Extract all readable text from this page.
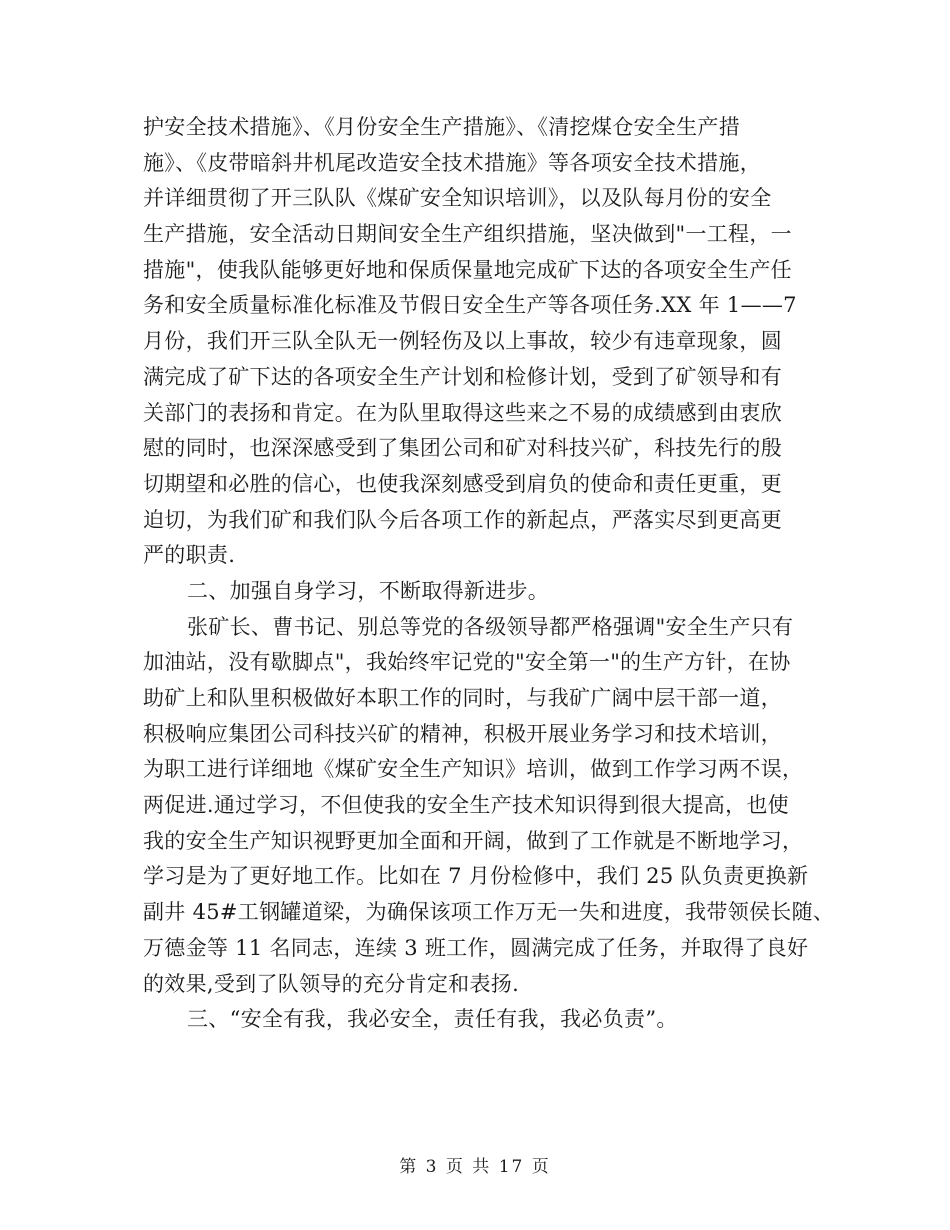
护安全技术措施》、《月份安全生产措施》、《清挖煤仓安全生产措
施》、《皮带暗斜井机尾改造安全技术措施》等各项安全技术措施，
并详细贯彻了开三队队《煤矿安全知识培训》，以及队每月份的安全
生产措施，安全活动日期间安全生产组织措施，坚决做到"一工程，一
措施"，使我队能够更好地和保质保量地完成矿下达的各项安全生产任
务和安全质量标准化标准及节假日安全生产等各项任务.XX 年 1——7
月份，我们开三队全队无一例轻伤及以上事故，较少有违章现象，圆
满完成了矿下达的各项安全生产计划和检修计划，受到了矿领导和有
关部门的表扬和肯定。在为队里取得这些来之不易的成绩感到由衷欣
慰的同时，也深深感受到了集团公司和矿对科技兴矿，科技先行的殷
切期望和必胜的信心，也使我深刻感受到肩负的使命和责任更重，更
迫切，为我们矿和我们队今后各项工作的新起点，严落实尽到更高更
严的职责.
二、加强自身学习，不断取得新进步。
张矿长、曹书记、别总等党的各级领导都严格强调"安全生产只有
加油站，没有歇脚点"，我始终牢记党的"安全第一"的生产方针，在协
助矿上和队里积极做好本职工作的同时，与我矿广阔中层干部一道，
积极响应集团公司科技兴矿的精神，积极开展业务学习和技术培训，
为职工进行详细地《煤矿安全生产知识》培训，做到工作学习两不误，
两促进.通过学习，不但使我的安全生产技术知识得到很大提高，也使
我的安全生产知识视野更加全面和开阔，做到了工作就是不断地学习，
学习是为了更好地工作。比如在 7 月份检修中，我们 25 队负责更换新
副井 45#工钢罐道梁，为确保该项工作万无一失和进度，我带领侯长随、
万德金等 11 名同志，连续 3 班工作，圆满完成了任务，并取得了良好
的效果,受到了队领导的充分肯定和表扬.
三、“安全有我，我必安全，责任有我，我必负责”。
第 3 页 共 17 页
